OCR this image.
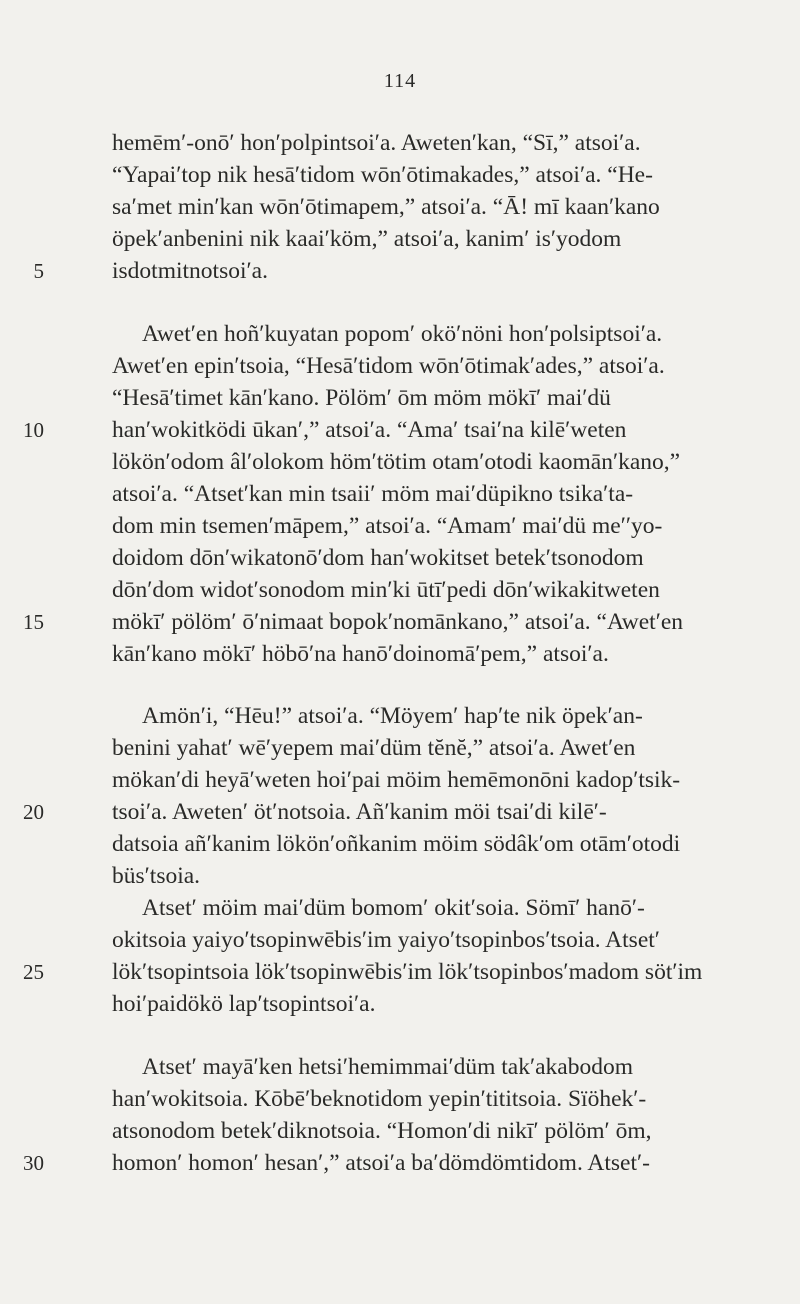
114
hemēm′-onō′ hon′polpintsoi′a. Aweten′kan, “Sī,” atsoi′a.
“Yapai′top nik hesā′tidom wōn′ōtimakades,” atsoi′a. “He-
sa′met min′kan wōn′ōtimapem,” atsoi′a. “Ā! mī kaan′kano
öpek′anbenini nik kaai′köm,” atsoi′a, kanim′ is′yodom
isdotmitnotsoi′a.
Awet′en hoñ′kuyatan popom′ okö′nöni hon′polsiptsoi′a.
Awet′en epin′tsoia, “Hesā′tidom wōn′ōtimak′ades,” atsoi′a.
“Hesā′timet kān′kano. Pölöm′ ōm möm mökī′ mai′dü
han′wokitködi ūkan′,” atsoi′a. “Ama′ tsai′na kilē′weten
lökön′odom âl′olokom höm′tötim otam′otodi kaomān′kano,”
atsoi′a. “Atset′kan min tsaii′ möm mai′düpikno tsika′ta-
dom min tsemen′māpem,” atsoi′a. “Amam′ mai′dü me′′yo-
doidom dōn′wikatonō′dom han′wokitset betek′tsonodom
dōn′dom widot′sonodom min′ki ūtī′pedi dōn′wikakitweten
mökī′ pölöm′ ō′nimaat bopok′nomānkano,” atsoi′a. “Awet′en
kān′kano mökī′ höbō′na hanō′doinomā′pem,” atsoi′a.
Amön′i, “Hēu!” atsoi′a. “Möyem′ hap′te nik öpek′an-
benini yahat′ wē′yepem mai′düm tĕnĕ,” atsoi′a. Awet′en
mökan′di heyā′weten hoi′pai möim hemēmonōni kadop′tsik-
tsoi′a. Aweten′ öt′notsoia. Añ′kanim möi tsai′di kilē′-
datsoia añ′kanim lökön′oñkanim möim södâk′om otām′otodi
büs′tsoia.
Atset′ möim mai′düm bomom′ okit′soia. Sömī′ hanō′-
okitsoia yaiyo′tsopinwēbis′im yaiyo′tsopinbos′tsoia. Atset′
lök′tsopintsoia lök′tsopinwēbis′im lök′tsopinbos′madom söt′im
hoi′paidökö lap′tsopintsoi′a.
Atset′ mayā′ken hetsi′hemimmai′düm tak′akabodom
han′wokitsoia. Kōbē′beknotidom yepin′tititsoia. Sïöhek′-
atsonodom betek′diknotsoia. “Homon′di nikī′ pölöm′ ōm,
homon′ homon′ hesan′,” atsoi′a ba′dömdömtidom. Atset′-
5
10
15
20
25
30
